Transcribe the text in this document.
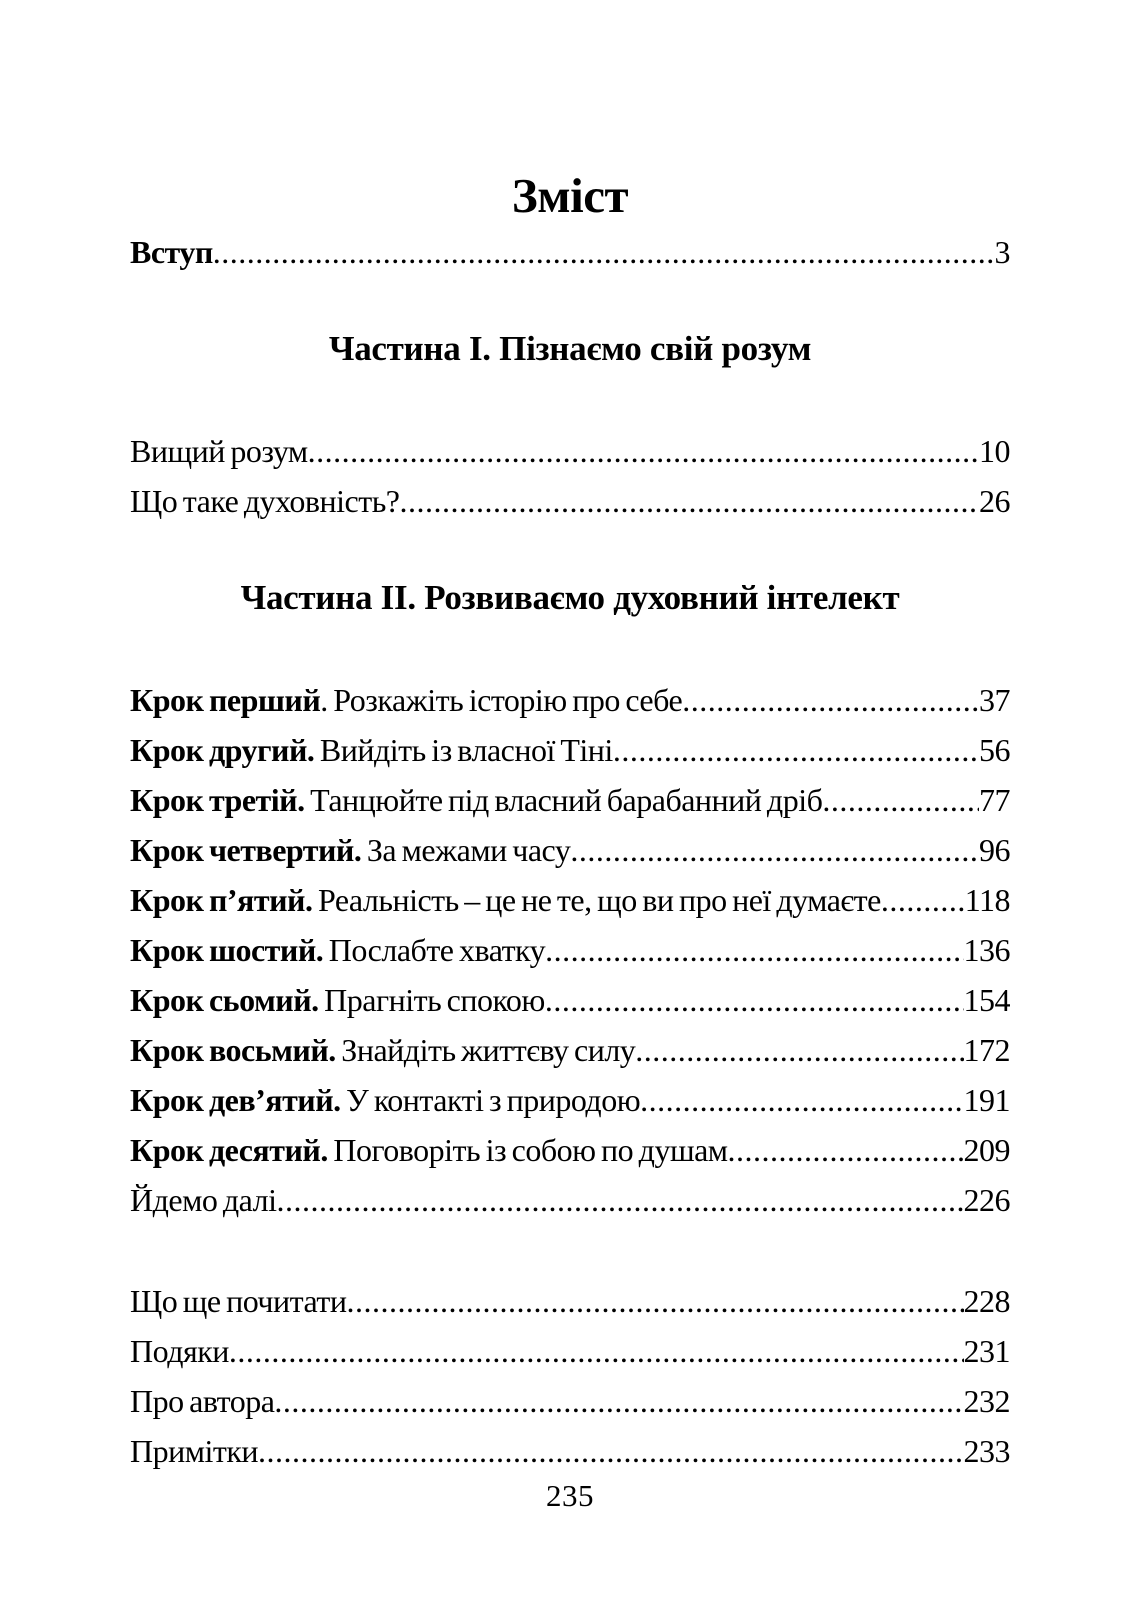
Зміст
Вступ .....	3
Частина I. Пізнаємо свій розум
Вищий розум .....	10
Що таке духовність? .....	26
Частина II. Розвиваємо духовний інтелект
Крок перший. Розкажіть історію про себе .....	37
Крок другий. Вийдіть із власної Тіні .....	56
Крок третій. Танцюйте під власний барабанний дріб .....	77
Крок четвертий. За межами часу .....	96
Крок п’ятий. Реальність – це не те, що ви про неї думаєте .....	118
Крок шостий. Послабте хватку .....	136
Крок сьомий. Прагніть спокою .....	154
Крок восьмий. Знайдіть життєву силу .....	172
Крок дев’ятий. У контакті з природою .....	191
Крок десятий. Поговоріть із собою по душам .....	209
Йдемо далі .....	226
Що ще почитати .....	228
Подяки .....	231
Про автора .....	232
Примітки .....	233
235
